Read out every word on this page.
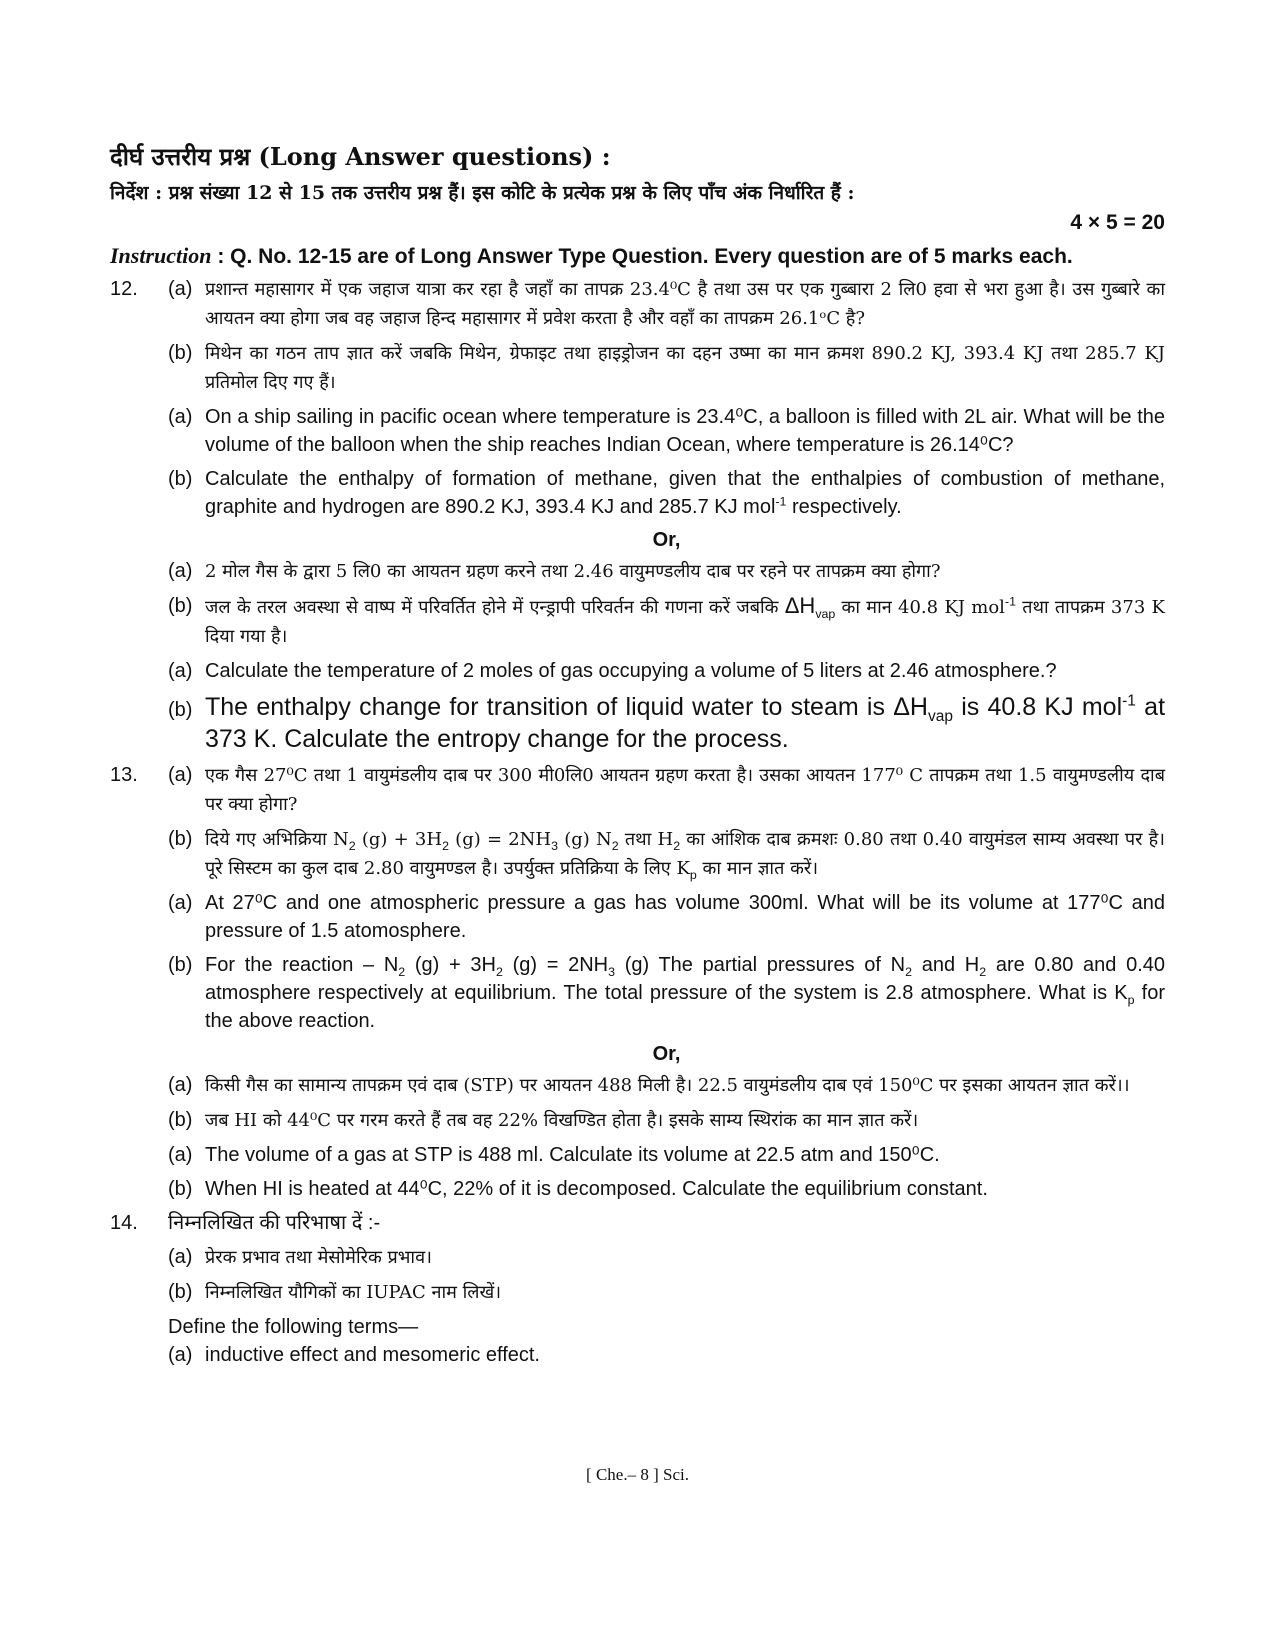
दीर्घ उत्तरीय प्रश्न (Long Answer questions) :
निर्देश : प्रश्न संख्या 12 से 15 तक उत्तरीय प्रश्न हैं। इस कोटि के प्रत्येक प्रश्न के लिए पाँच अंक निर्धारित हैं :
4 × 5 = 20
Instruction : Q. No. 12-15 are of Long Answer Type Question. Every question are of 5 marks each.
12. (a) प्रशान्त महासागर में एक जहाज यात्रा कर रहा है जहाँ का तापक्र 23.4⁰C है तथा उस पर एक गुब्बारा 2 लि0 हवा से भरा हुआ है। उस गुब्बारे का आयतन क्या होगा जब वह जहाज हिन्द महासागर में प्रवेश करता है और वहाँ का तापक्रम 26.1ᵒC है?
(b) मिथेन का गठन ताप ज्ञात करें जबकि मिथेन, ग्रेफाइट तथा हाइड्रोजन का दहन उष्मा का मान क्रमश 890.2 KJ, 393.4 KJ तथा 285.7 KJ प्रतिमोल दिए गए हैं।
(a) On a ship sailing in pacific ocean where temperature is 23.4⁰C, a balloon is filled with 2L air. What will be the volume of the balloon when the ship reaches Indian Ocean, where temperature is 26.14⁰C?
(b) Calculate the enthalpy of formation of methane, given that the enthalpies of combustion of methane, graphite and hydrogen are 890.2 KJ, 393.4 KJ and 285.7 KJ mol$^{-1}$ respectively.
Or,
(a) 2 मोल गैस के द्वारा 5 लि0 का आयतन ग्रहण करने तथा 2.46 वायुमण्डलीय दाब पर रहने पर तापक्रम क्या होगा?
(b) जल के तरल अवस्था से वाष्प में परिवर्तित होने में एन्ड्रापी परिवर्तन की गणना करें जबकि $\Delta H_{vap}$ का मान 40.8 KJ mol$^{-1}$ तथा तापक्रम 373 K दिया गया है।
(a) Calculate the temperature of 2 moles of gas occupying a volume of 5 liters at 2.46 atmosphere.?
(b) The enthalpy change for transition of liquid water to steam is $\Delta H_{vap}$ is 40.8 KJ mol$^{-1}$ at 373 K. Calculate the entropy change for the process.
13. (a) एक गैस 27⁰C तथा 1 वायुमंडलीय दाब पर 300 मी0लि0 आयतन ग्रहण करता है। उसका आयतन 177⁰ C तापक्रम तथा 1.5 वायुमण्डलीय दाब पर क्या होगा?
(b) दिये गए अभिक्रिया $N_2$ $(g) + 3H_2$ $(g) = 2NH_3$ (g) $N_2$ तथा $H_2$ का आंशिक दाब क्रमशः 0.80 तथा 0.40 वायुमंडल साम्य अवस्था पर है। पूरे सिस्टम का कुल दाब 2.80 वायुमण्डल है। उपर्युक्त प्रतिक्रिया के लिए $K_p$ का मान ज्ञात करें।
(a) At 27⁰C and one atmospheric pressure a gas has volume 300ml. What will be its volume at 177⁰C and pressure of 1.5 atomosphere.
(b) For the reaction – $N_2$ $(g) + 3H_2$ $(g) = 2NH_3$ (g) The partial pressures of $N_2$ and $H_2$ are 0.80 and 0.40 atmosphere respectively at equilibrium. The total pressure of the system is 2.8 atmosphere. What is $K_p$ for the above reaction.
Or,
(a) किसी गैस का सामान्य तापक्रम एवं दाब (STP) पर आयतन 488 मिली है। 22.5 वायुमंडलीय दाब एवं 150⁰C पर इसका आयतन ज्ञात करें।।
(b) जब HI को 44⁰C पर गरम करते हैं तब वह 22% विखण्डित होता है। इसके साम्य स्थिरांक का मान ज्ञात करें।
(a) The volume of a gas at STP is 488 ml. Calculate its volume at 22.5 atm and 150⁰C.
(b) When HI is heated at 44⁰C, 22% of it is decomposed. Calculate the equilibrium constant.
14. निम्नलिखित की परिभाषा दें :-
(a) प्रेरक प्रभाव तथा मेसोमेरिक प्रभाव।
(b) निम्नलिखित यौगिकों का IUPAC नाम लिखें।
Define the following terms—
(a) inductive effect and mesomeric effect.
[ Che.– 8 ] Sci.
